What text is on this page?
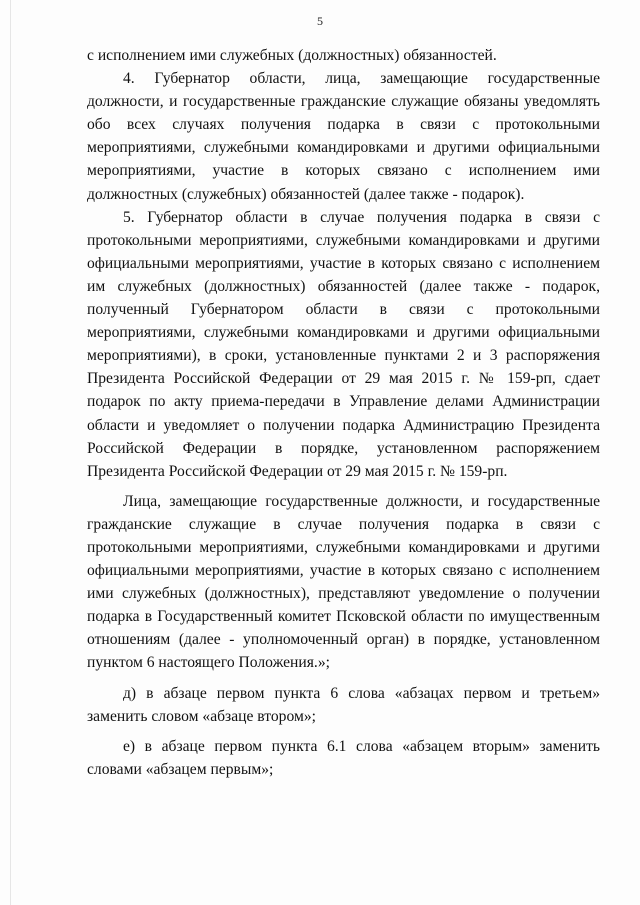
5

с исполнением ими служебных (должностных) обязанностей.

4. Губернатор области, лица, замещающие государственные должности, и государственные гражданские служащие обязаны уведомлять обо всех случаях получения подарка в связи с протокольными мероприятиями, служебными командировками и другими официальными мероприятиями, участие в которых связано с исполнением ими должностных (служебных) обязанностей (далее также - подарок).

5. Губернатор области в случае получения подарка в связи с протокольными мероприятиями, служебными командировками и другими официальными мероприятиями, участие в которых связано с исполнением им служебных (должностных) обязанностей (далее также - подарок, полученный Губернатором области в связи с протокольными мероприятиями, служебными командировками и другими официальными мероприятиями), в сроки, установленные пунктами 2 и 3 распоряжения Президента Российской Федерации от 29 мая 2015 г. № 159-рп, сдает подарок по акту приема-передачи в Управление делами Администрации области и уведомляет о получении подарка Администрацию Президента Российской Федерации в порядке, установленном распоряжением Президента Российской Федерации от 29 мая 2015 г. № 159-рп.

Лица, замещающие государственные должности, и государственные гражданские служащие в случае получения подарка в связи с протокольными мероприятиями, служебными командировками и другими официальными мероприятиями, участие в которых связано с исполнением ими служебных (должностных), представляют уведомление о получении подарка в Государственный комитет Псковской области по имущественным отношениям (далее - уполномоченный орган) в порядке, установленном пунктом 6 настоящего Положения.»;

д) в абзаце первом пункта 6 слова «абзацах первом и третьем» заменить словом «абзаце втором»;

е) в абзаце первом пункта 6.1 слова «абзацем вторым» заменить словами «абзацем первым»;
